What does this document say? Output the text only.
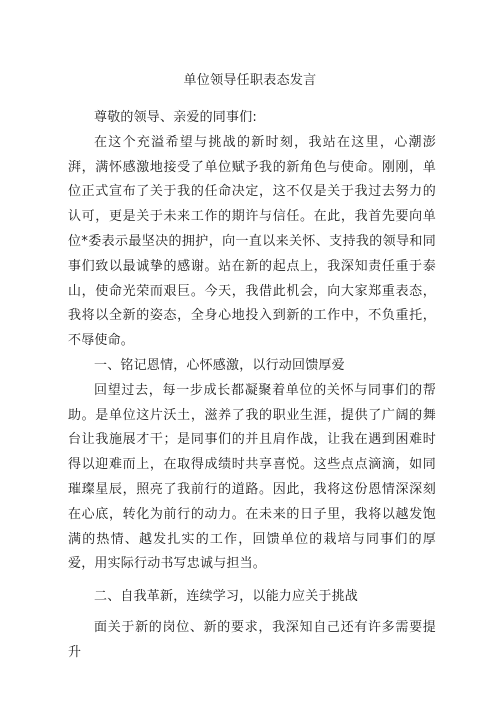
单位领导任职表态发言

尊敬的领导、亲爱的同事们:

在这个充溢希望与挑战的新时刻，我站在这里，心潮澎湃，满怀感激地接受了单位赋予我的新角色与使命。刚刚，单位正式宣布了关于我的任命决定，这不仅是关于我过去努力的认可，更是关于未来工作的期许与信任。在此，我首先要向单位*委表示最坚决的拥护，向一直以来关怀、支持我的领导和同事们致以最诚挚的感谢。站在新的起点上，我深知责任重于泰山，使命光荣而艰巨。今天，我借此机会，向大家郑重表态，我将以全新的姿态，全身心地投入到新的工作中，不负重托，不辱使命。

一、铭记恩情，心怀感激，以行动回馈厚爱

回望过去，每一步成长都凝聚着单位的关怀与同事们的帮助。是单位这片沃土，滋养了我的职业生涯，提供了广阔的舞台让我施展才干；是同事们的并且肩作战，让我在遇到困难时得以迎难而上，在取得成绩时共享喜悦。这些点点滴滴，如同璀璨星辰，照亮了我前行的道路。因此，我将这份恩情深深刻在心底，转化为前行的动力。在未来的日子里，我将以越发饱满的热情、越发扎实的工作，回馈单位的栽培与同事们的厚爱，用实际行动书写忠诚与担当。

二、自我革新，连续学习，以能力应关于挑战

面关于新的岗位、新的要求，我深知自己还有许多需要提升
